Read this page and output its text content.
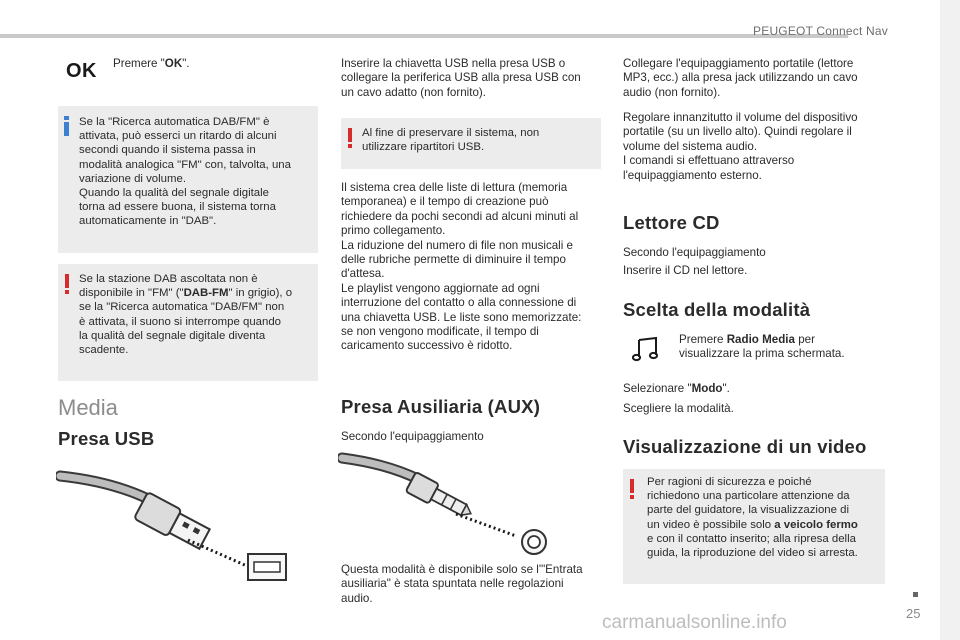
PEUGEOT Connect Nav
OK Premere "OK".

Se la "Ricerca automatica DAB/FM" è

attivata, può esserci un ritardo di alcuni

secondi quando il sistema passa in

modalità analogica "FM" con, talvolta, una

variazione di volume.

Quando la qualità del segnale digitale

torna ad essere buona, il sistema torna

automaticamente in "DAB".

Se la stazione DAB ascoltata non è

disponibile in "FM" ("DAB-FM" in grigio), o

se la "Ricerca automatica "DAB/FM" non

è attivata, il suono si interrompe quando

la qualità del segnale digitale diventa

scadente.

Media
Presa USB

Inserire la chiavetta USB nella presa USB o

collegare la periferica USB alla presa USB con

un cavo adatto (non fornito).

Al fine di preservare il sistema, non

utilizzare ripartitori USB.

Il sistema crea delle liste di lettura (memoria

temporanea) e il tempo di creazione può

richiedere da pochi secondi ad alcuni minuti al

primo collegamento.

La riduzione del numero di file non musicali e

delle rubriche permette di diminuire il tempo

d'attesa.

Le playlist vengono aggiornate ad ogni

interruzione del contatto o alla connessione di

una chiavetta USB. Le liste sono memorizzate:

se non vengono modificate, il tempo di

caricamento successivo è ridotto.

Presa Ausiliaria (AUX)

Secondo l'equipaggiamento

Questa modalità è disponibile solo se l'"Entrata

ausiliaria" è stata spuntata nelle regolazioni

audio.

Collegare l'equipaggiamento portatile (lettore

MP3, ecc.) alla presa jack utilizzando un cavo

audio (non fornito).

Regolare innanzitutto il volume del dispositivo

portatile (su un livello alto). Quindi regolare il

volume del sistema audio.

I comandi si effettuano attraverso

l'equipaggiamento esterno.

Lettore CD

Secondo l'equipaggiamento

Inserire il CD nel lettore.

Scelta della modalità

Premere Radio Media per

visualizzare la prima schermata.

Selezionare "Modo".

Scegliere la modalità.

Visualizzazione di un video

Per ragioni di sicurezza e poiché

richiedono una particolare attenzione da

parte del guidatore, la visualizzazione di

un video è possibile solo a veicolo fermo

e con il contatto inserito; alla ripresa della

guida, la riproduzione del video si arresta.

25
carmanualsonline.info
